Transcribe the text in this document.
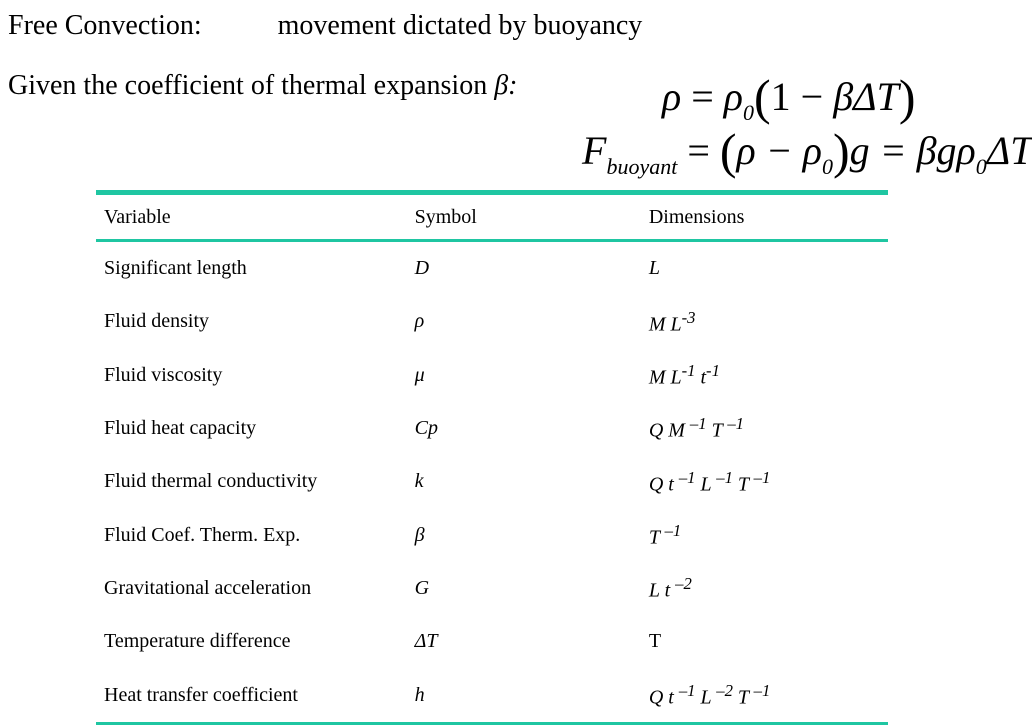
Free Convection:	movement dictated by buoyancy
Given the coefficient of thermal expansion β:	$\rho = \rho_0(1 - \beta\Delta T)$
$F_{buoyant} = (\rho - \rho_0)g = \beta g\rho_0\Delta T$
Variable	Symbol	Dimensions
Significant length	D	L
Fluid density	ρ	M $L^{-3}$
Fluid viscosity	μ	M $L^{-1}$ $t^{-1}$
Fluid heat capacity	Cp	Q M $^{-1}$ T $^{-1}$
Fluid thermal conductivity	k	Q t $^{-1}$ L $^{-1}$ T $^{-1}$
Fluid Coef. Therm. Exp.	β	T $^{-1}$
Gravitational acceleration	G	L t $^{-2}$
Temperature difference	ΔT	T
Heat transfer coefficient	h	Q t $^{-1}$ L $^{-2}$ T $^{-1}$
